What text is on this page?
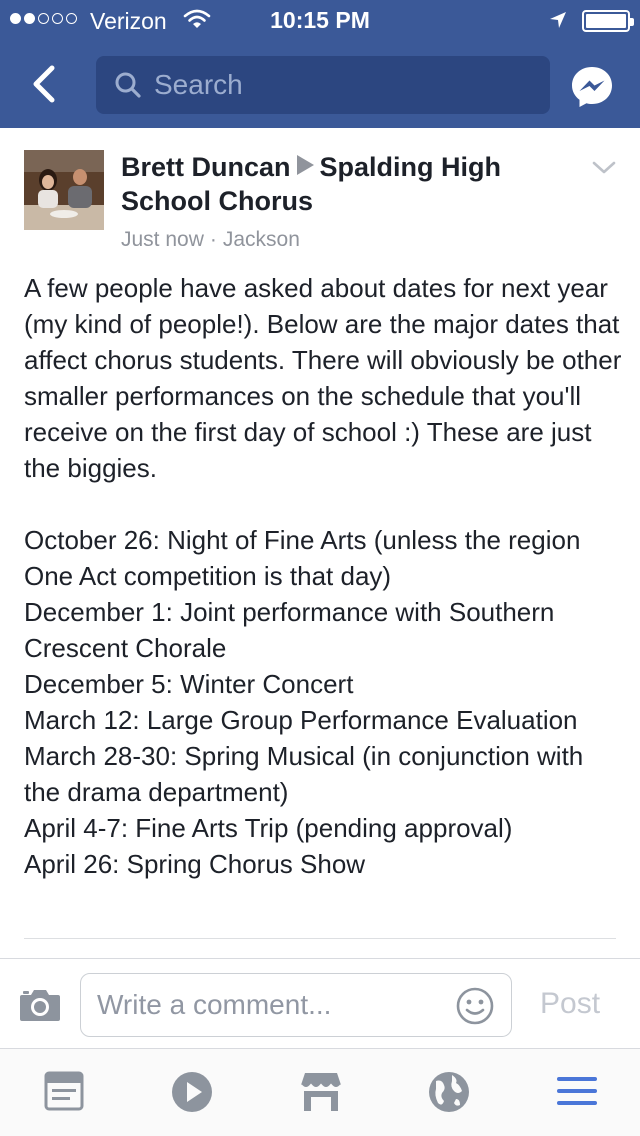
Verizon	10:15 PM
Search
Brett Duncan Spalding High School Chorus
Just now · Jackson

A few people have asked about dates for next year (my kind of people!). Below are the major dates that affect chorus students. There will obviously be other smaller performances on the schedule that you'll receive on the first day of school :) These are just the biggies.

October 26: Night of Fine Arts (unless the region One Act competition is that day)

December 1: Joint performance with Southern Crescent Chorale

December 5: Winter Concert

March 12: Large Group Performance Evaluation

March 28-30: Spring Musical (in conjunction with the drama department)

April 4-7: Fine Arts Trip (pending approval)

April 26: Spring Chorus Show

Write a comment...	Post
